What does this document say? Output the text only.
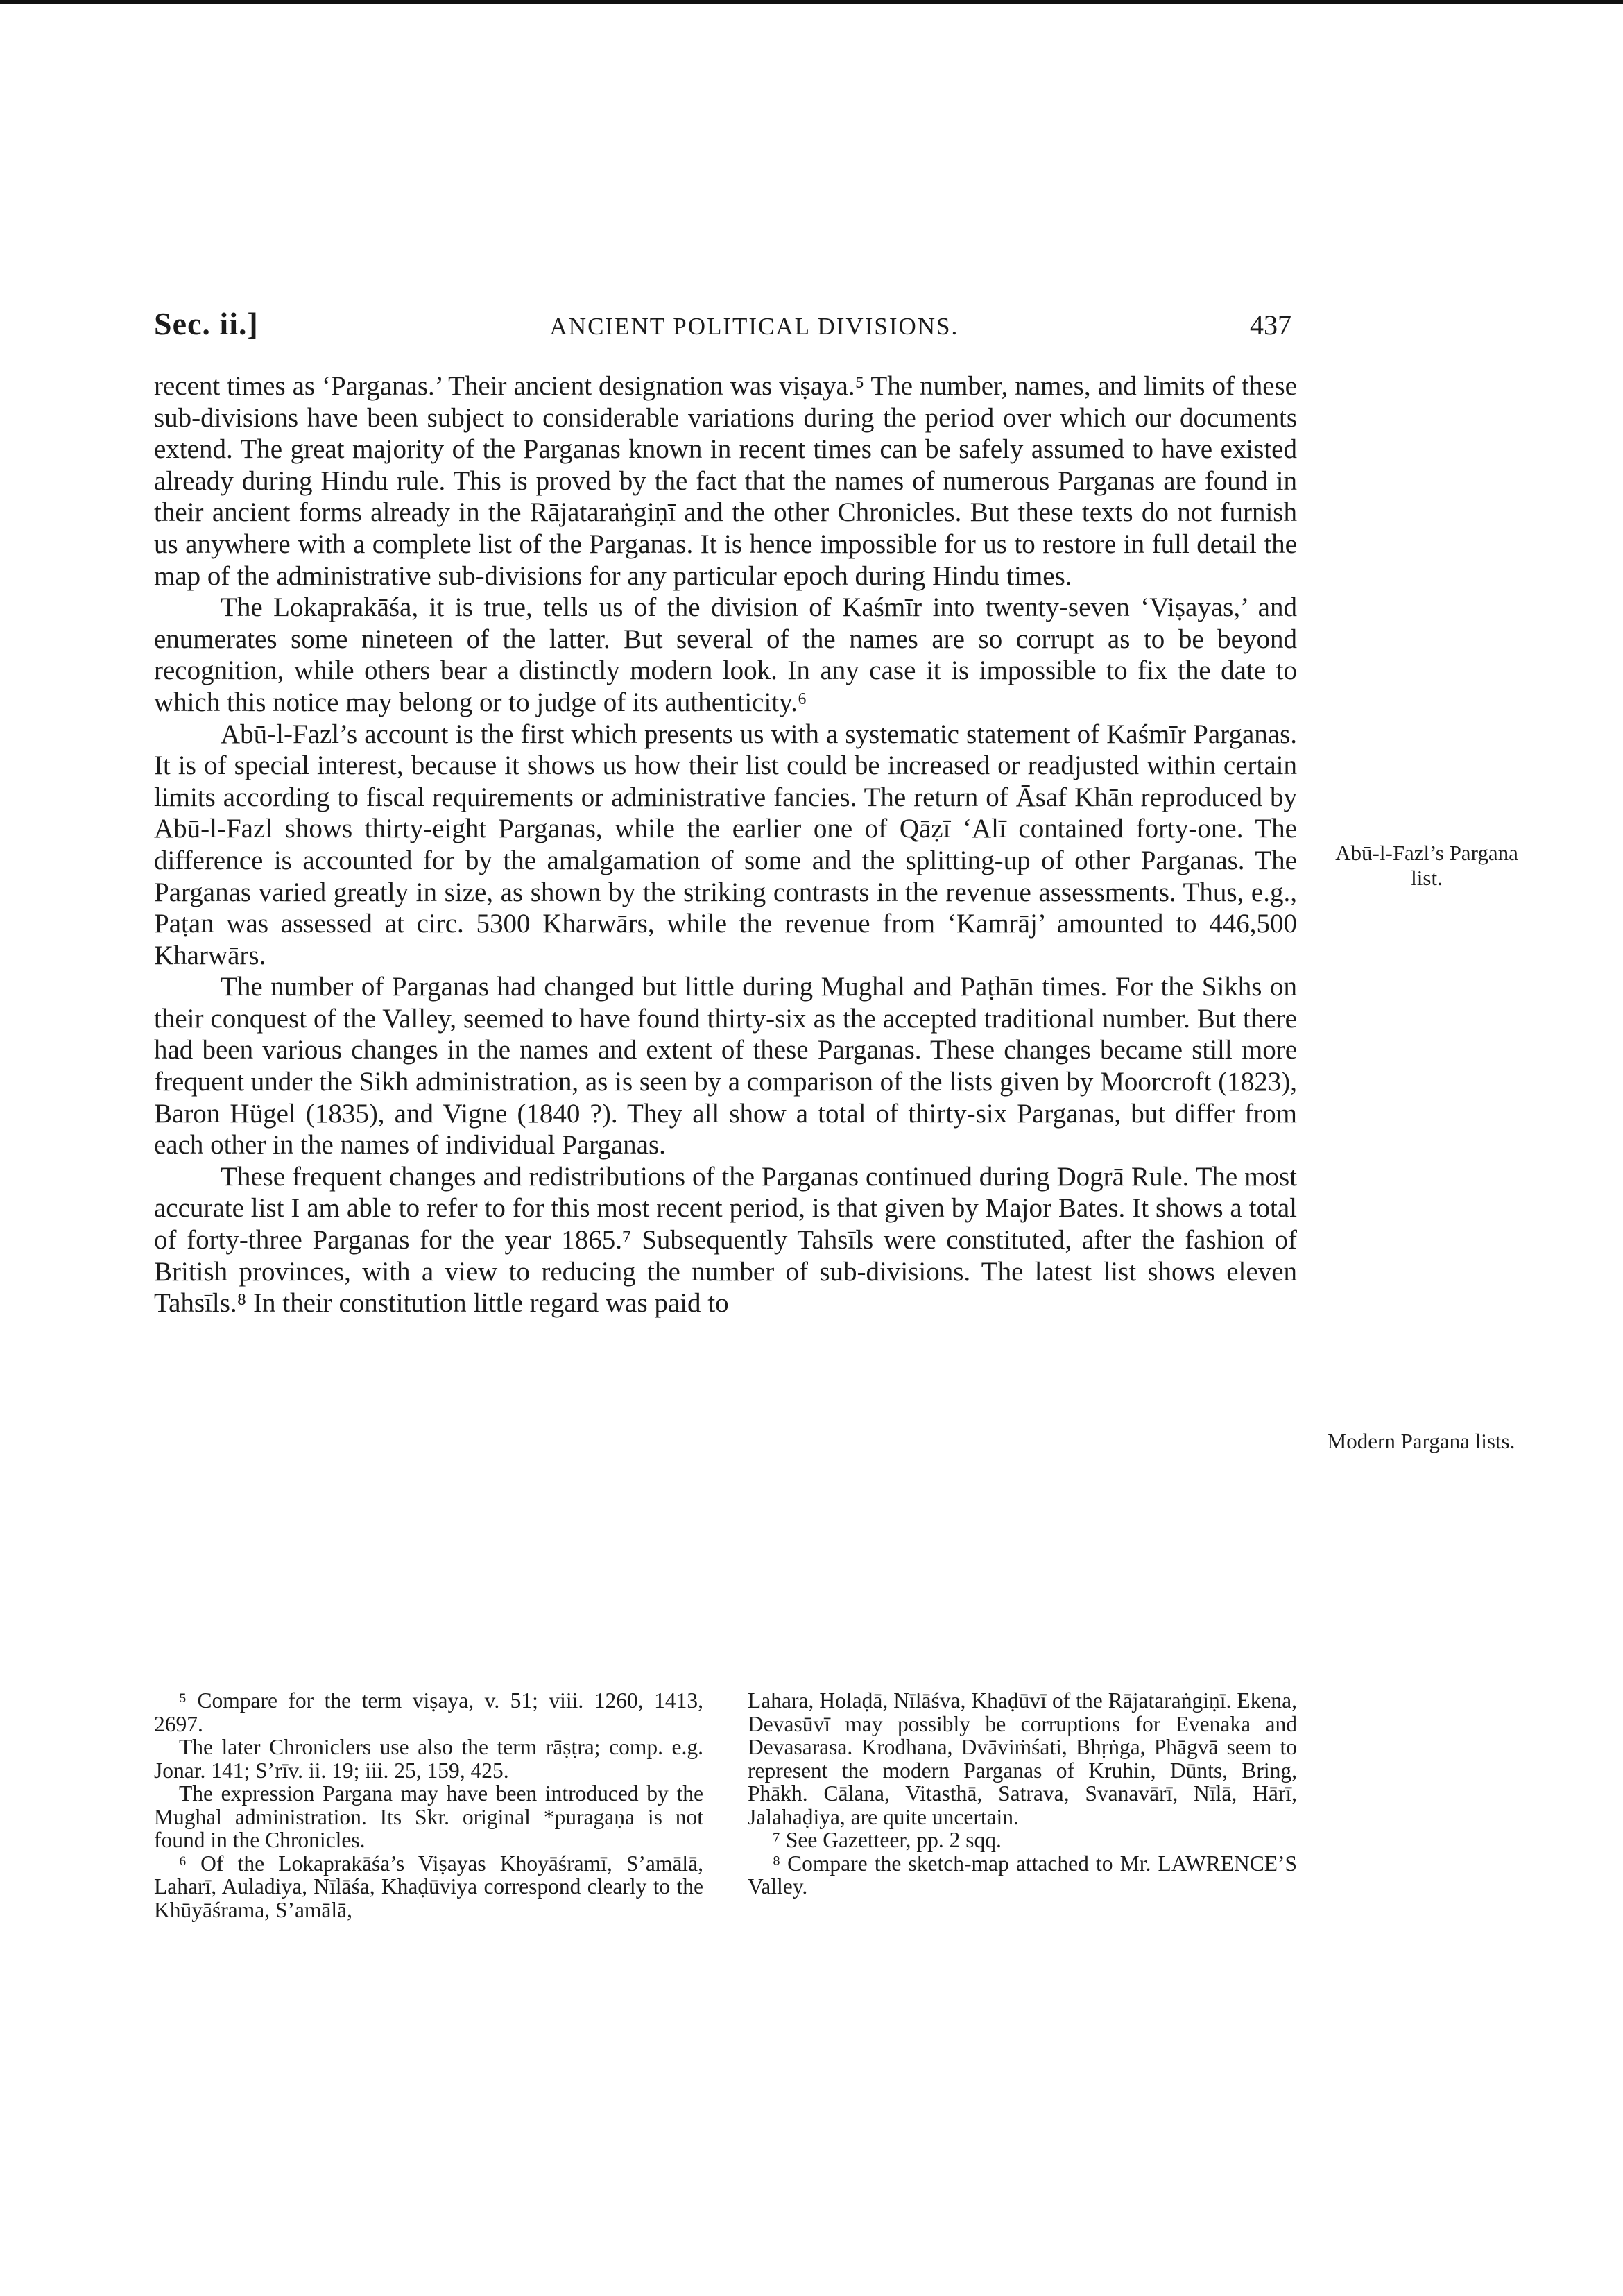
Sec. ii.]	ANCIENT POLITICAL DIVISIONS.	437

recent times as ‘Parganas.’ Their ancient designation was viṣaya.⁵ The number, names, and limits of these sub-divisions have been subject to considerable variations during the period over which our documents extend. The great majority of the Parganas known in recent times can be safely assumed to have existed already during Hindu rule. This is proved by the fact that the names of numerous Parganas are found in their ancient forms already in the Rājataraṅgiṇī and the other Chronicles. But these texts do not furnish us anywhere with a complete list of the Parganas. It is hence impossible for us to restore in full detail the map of the administrative sub-divisions for any particular epoch during Hindu times.

The Lokaprakāśa, it is true, tells us of the division of Kaśmīr into twenty-seven ‘Viṣayas,’ and enumerates some nineteen of the latter. But several of the names are so corrupt as to be beyond recognition, while others bear a distinctly modern look. In any case it is impossible to fix the date to which this notice may belong or to judge of its authenticity.⁶

Abū-l-Fazl’s account is the first which presents us with a systematic statement of Kaśmīr Parganas. It is of special interest, because it shows us how their list could be increased or readjusted within certain limits according to fiscal requirements or administrative fancies. The return of Āsaf Khān reproduced by Abū-l-Fazl shows thirty-eight Parganas, while the earlier one of Qāẓī ‘Alī contained forty-one. The difference is accounted for by the amalgamation of some and the splitting-up of other Parganas. The Parganas varied greatly in size, as shown by the striking contrasts in the revenue assessments. Thus, e.g., Paṭan was assessed at circ. 5300 Kharwārs, while the revenue from ‘Kamrāj’ amounted to 446,500 Kharwārs.

The number of Parganas had changed but little during Mughal and Paṭhān times. For the Sikhs on their conquest of the Valley, seemed to have found thirty-six as the accepted traditional number. But there had been various changes in the names and extent of these Parganas. These changes became still more frequent under the Sikh administration, as is seen by a comparison of the lists given by Moorcroft (1823), Baron Hügel (1835), and Vigne (1840 ?). They all show a total of thirty-six Parganas, but differ from each other in the names of individual Parganas.

These frequent changes and redistributions of the Parganas continued during Dogrā Rule. The most accurate list I am able to refer to for this most recent period, is that given by Major Bates. It shows a total of forty-three Parganas for the year 1865.⁷ Subsequently Tahsīls were constituted, after the fashion of British provinces, with a view to reducing the number of sub-divisions. The latest list shows eleven Tahsīls.⁸ In their constitution little regard was paid to

Abū-l-Fazl’s Pargana list.
Modern Pargana lists.

⁵ Compare for the term viṣaya, v. 51; viii. 1260, 1413, 2697.

The later Chroniclers use also the term rāṣṭra; comp. e.g. Jonar. 141; S’rīv. ii. 19; iii. 25, 159, 425.

The expression Pargana may have been introduced by the Mughal administration. Its Skr. original *puragaṇa is not found in the Chronicles.

⁶ Of the Lokaprakāśa’s Viṣayas Khoyāśramī, S’amālā, Laharī, Auladiya, Nīlāśa, Khaḍūviya correspond clearly to the Khūyāśrama, S’amālā,

Lahara, Holaḍā, Nīlāśva, Khaḍūvī of the Rājataraṅgiṇī. Ekena, Devasūvī may possibly be corruptions for Evenaka and Devasarasa. Krodhana, Dvāviṁśati, Bhṛṅga, Phāgvā seem to represent the modern Parganas of Kruhin, Dūnts, Bring, Phākh. Cālana, Vitasthā, Satrava, Svanavārī, Nīlā, Hārī, Jalahaḍiya, are quite uncertain.

⁷ See Gazetteer, pp. 2 sqq.

⁸ Compare the sketch-map attached to Mr. LAWRENCE’S Valley.
